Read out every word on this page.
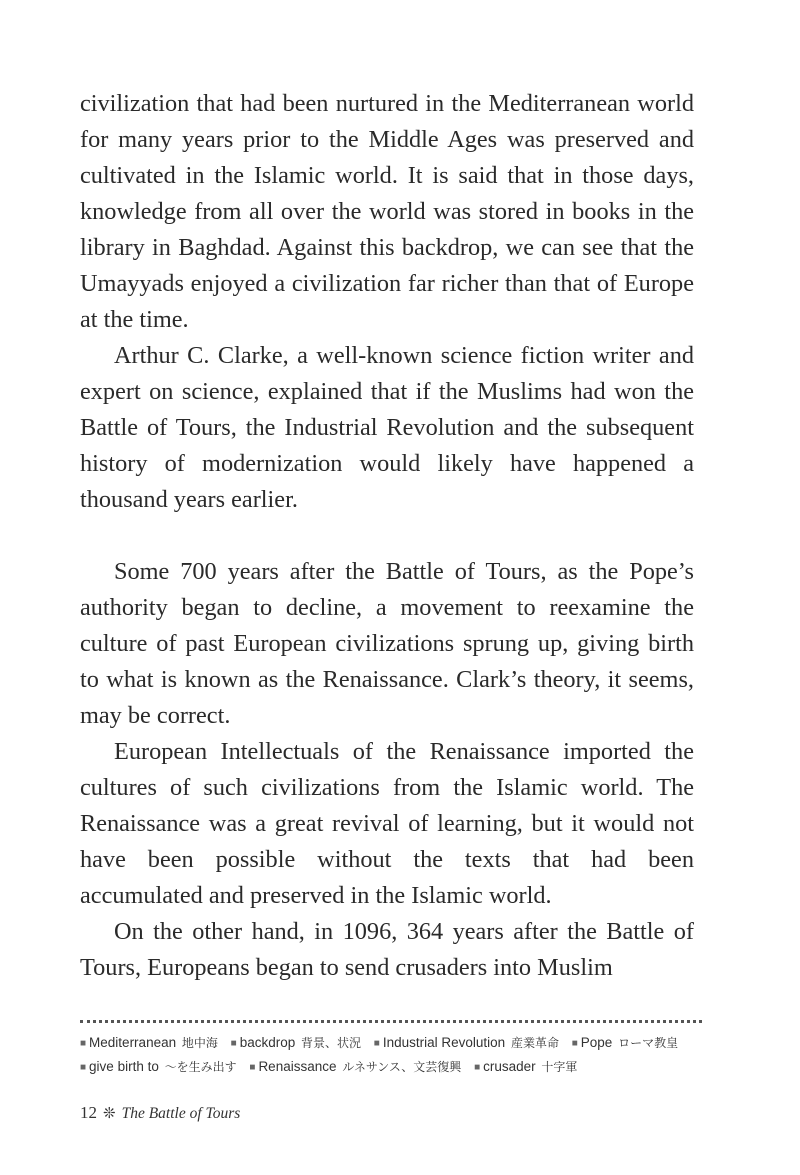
civilization that had been nurtured in the Mediterranean world for many years prior to the Middle Ages was preserved and cultivated in the Islamic world. It is said that in those days, knowledge from all over the world was stored in books in the library in Baghdad. Against this backdrop, we can see that the Umayyads enjoyed a civilization far richer than that of Europe at the time.

Arthur C. Clarke, a well-known science fiction writer and expert on science, explained that if the Muslims had won the Battle of Tours, the Industrial Revolution and the subsequent history of modernization would likely have happened a thousand years earlier.

Some 700 years after the Battle of Tours, as the Pope’s authority began to decline, a movement to reexamine the culture of past European civilizations sprung up, giving birth to what is known as the Renaissance. Clark’s theory, it seems, may be correct.

European Intellectuals of the Renaissance imported the cultures of such civilizations from the Islamic world. The Renaissance was a great revival of learning, but it would not have been possible without the texts that had been accumulated and preserved in the Islamic world.

On the other hand, in 1096, 364 years after the Battle of Tours, Europeans began to send crusaders into Muslim

■ Mediterranean 地中海 ■ backdrop 背景、状況 ■ Industrial Revolution 産業革命 ■ Pope ローマ教皇 ■ give birth to ～を生み出す ■ Renaissance ルネサンス、文芸復興 ■ crusader 十字軍
12 ❊ The Battle of Tours
